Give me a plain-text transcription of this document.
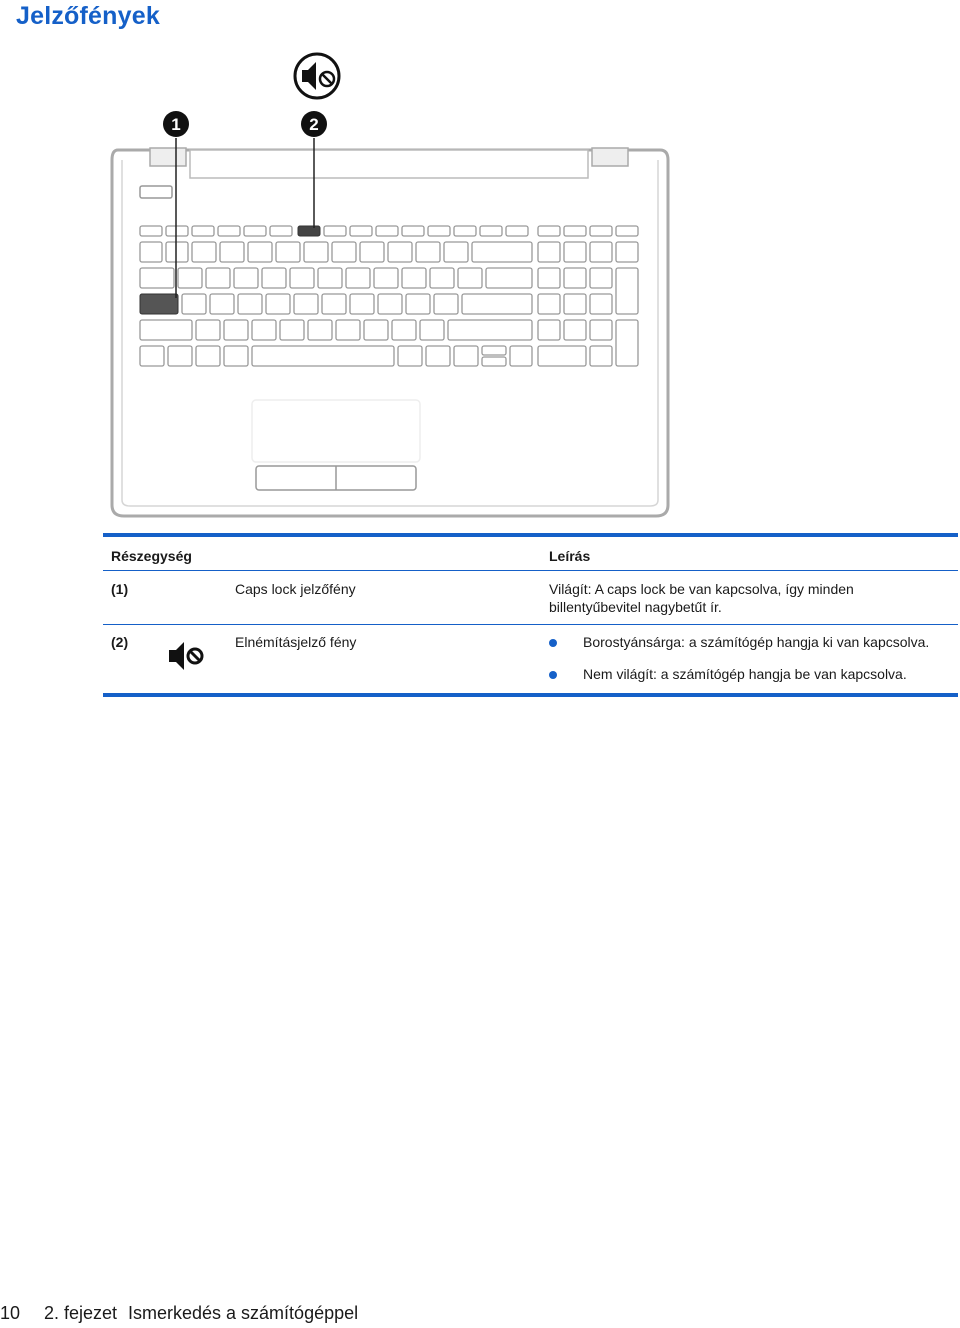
Jelzőfények
1	2
Részegység	Leírás
(1)	Caps lock jelzőfény	Világít: A caps lock be van kapcsolva, így minden
billentyűbevitel nagybetűt ír.
(2)	Elnémításjelző fény	Borostyánsárga: a számítógép hangja ki van kapcsolva.
Nem világít: a számítógép hangja be van kapcsolva.
10 2. fejezet Ismerkedés a számítógéppel
